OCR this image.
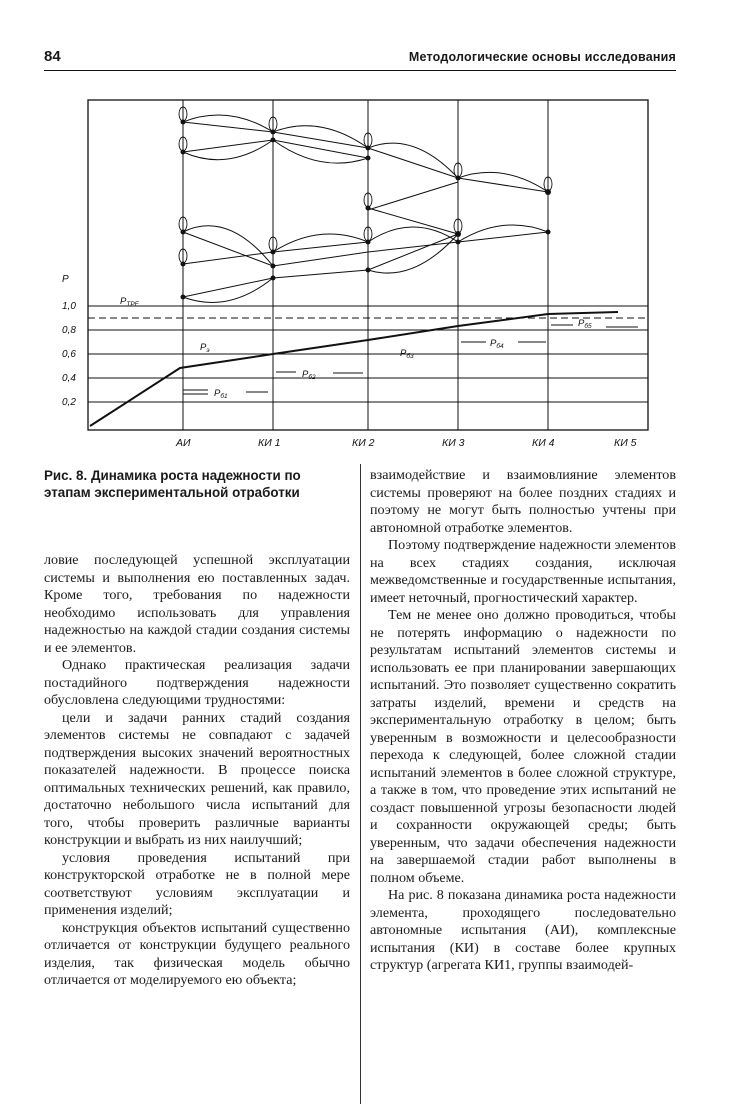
84	Методологические основы исследования
P
1,0
0,8
0,6
0,4
0,2
АИ	КИ 1	КИ 2	КИ 3	КИ 4	КИ 5
$P_{ТРЕ}$
$P_э$
$P_{б1}$
$P_{б2}$
$P_{б3}$
$P_{б4}$
$P_{б5}$
Рис. 8. Динамика роста надежности по этапам экспериментальной отработки

ловие последующей успешной эксплуатации системы и выполнения ею поставленных задач. Кроме того, требования по надежности необходимо использовать для управления надежностью на каждой стадии создания системы и ее элементов.

Однако практическая реализация задачи постадийного подтверждения надежности обусловлена следующими трудностями:

цели и задачи ранних стадий создания элементов системы не совпадают с задачей подтверждения высоких значений вероятностных показателей надежности. В процессе поиска оптимальных технических решений, как правило, достаточно небольшого числа испытаний для того, чтобы проверить различные варианты конструкции и выбрать из них наилучший;

условия проведения испытаний при конструкторской отработке не в полной мере соответствуют условиям эксплуатации и применения изделий;

конструкция объектов испытаний существенно отличается от конструкции будущего реального изделия, так физическая модель обычно отличается от моделируемого ею объекта;

взаимодействие и взаимовлияние элементов системы проверяют на более поздних стадиях и поэтому не могут быть полностью учтены при автономной отработке элементов.

Поэтому подтверждение надежности элементов на всех стадиях создания, исключая межведомственные и государственные испытания, имеет неточный, прогностический характер.

Тем не менее оно должно проводиться, чтобы не потерять информацию о надежности по результатам испытаний элементов системы и использовать ее при планировании завершающих испытаний. Это позволяет существенно сократить затраты изделий, времени и средств на экспериментальную отработку в целом; быть уверенным в возможности и целесообразности перехода к следующей, более сложной стадии испытаний элементов в более сложной структуре, а также в том, что проведение этих испытаний не создаст повышенной угрозы безопасности людей и сохранности окружающей среды; быть уверенным, что задачи обеспечения надежности на завершаемой стадии работ выполнены в полном объеме.

На рис. 8 показана динамика роста надежности элемента, проходящего последовательно автономные испытания (АИ), комплексные испытания (КИ) в составе более крупных структур (агрегата КИ1, группы взаимодей-
